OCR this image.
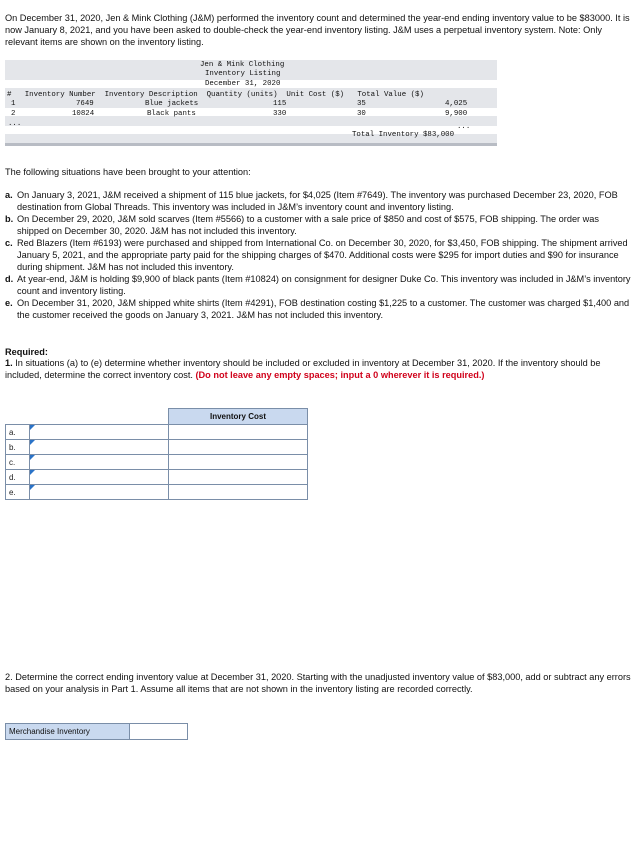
On December 31, 2020, Jen & Mink Clothing (J&M) performed the inventory count and determined the year-end ending inventory value to be $83000. It is now January 8, 2021, and you have been asked to double-check the year-end inventory listing. J&M uses a perpetual inventory system. Note: Only relevant items are shown on the inventory listing.

Jen & Mink Clothing
Inventory Listing
December 31, 2020
#   Inventory Number  Inventory Description  Quantity (units)  Unit Cost ($)   Total Value ($)
1	7649	Blue jackets	115	35	4,025
2	10824	Black pants	330	30	9,900
...	...
Total Inventory $83,000

The following situations have been brought to your attention:

a. On January 3, 2021, J&M received a shipment of 115 blue jackets, for $4,025 (Item #7649). The inventory was purchased December 23, 2020, FOB destination from Global Threads. This inventory was included in J&M’s inventory count and inventory listing.
b. On December 29, 2020, J&M sold scarves (Item #5566) to a customer with a sale price of $850 and cost of $575, FOB shipping. The order was shipped on December 30, 2020. J&M has not included this inventory.
c. Red Blazers (Item #6193) were purchased and shipped from International Co. on December 30, 2020, for $3,450, FOB shipping. The shipment arrived January 5, 2021, and the appropriate party paid for the shipping charges of $470. Additional costs were $295 for import duties and $90 for insurance during shipment. J&M has not included this inventory.
d. At year-end, J&M is holding $9,900 of black pants (Item #10824) on consignment for designer Duke Co. This inventory was included in J&M’s inventory count and inventory listing.
e. On December 31, 2020, J&M shipped white shirts (Item #4291), FOB destination costing $1,225 to a customer. The customer was charged $1,400 and the customer received the goods on January 3, 2021. J&M has not included this inventory.

Required:

1. In situations (a) to (e) determine whether inventory should be included or excluded in inventory at December 31, 2020. If the inventory should be included, determine the correct inventory cost. (Do not leave any empty spaces; input a 0 wherever it is required.)

		Inventory Cost
a.	

b.	

c.	

d.	

e.	

2. Determine the correct ending inventory value at December 31, 2020. Starting with the unadjusted inventory value of $83,000, add or subtract any errors based on your analysis in Part 1. Assume all items that are not shown in the inventory listing are recorded correctly.

Merchandise Inventory
